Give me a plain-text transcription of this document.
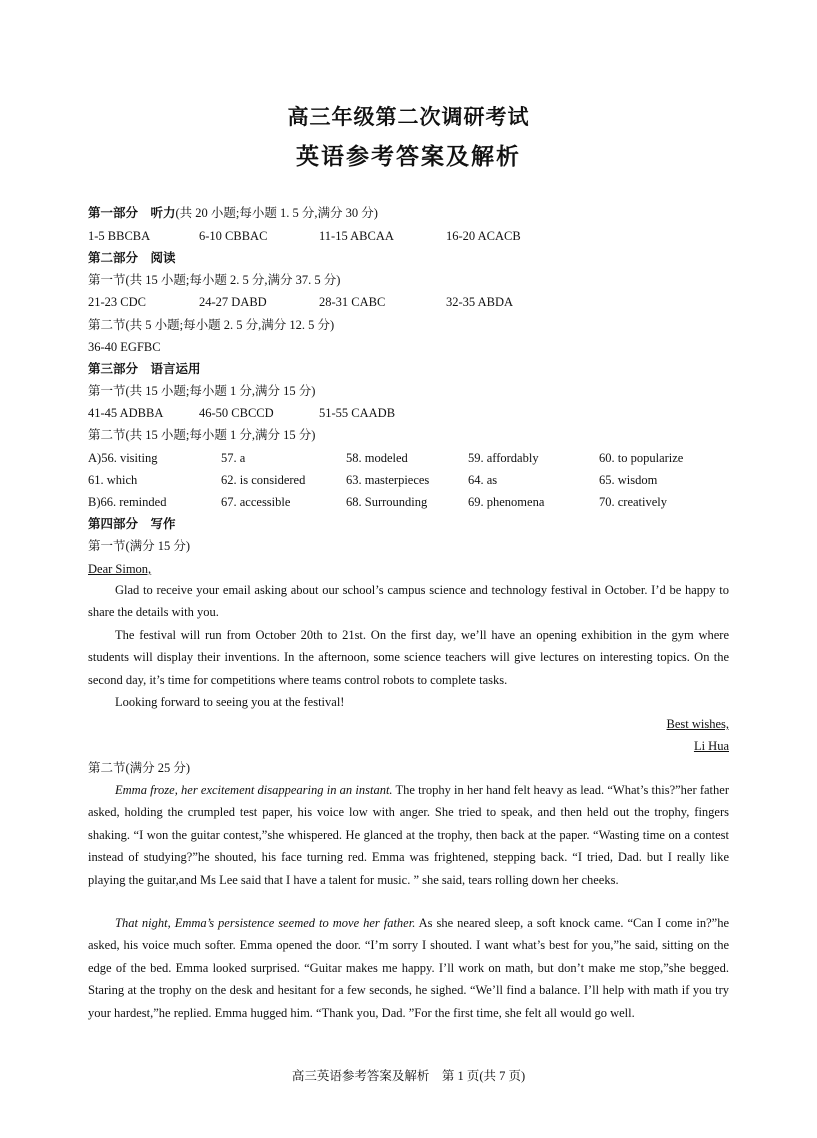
高三年级第二次调研考试
英语参考答案及解析
第一部分　听力(共 20 小题;每小题 1. 5 分,满分 30 分)
1-5 BBCBA	6-10 CBBAC	11-15 ABCAA	16-20 ACACB
第二部分　阅读
第一节(共 15 小题;每小题 2. 5 分,满分 37. 5 分)
21-23 CDC	24-27 DABD	28-31 CABC	32-35 ABDA
第二节(共 5 小题;每小题 2. 5 分,满分 12. 5 分)
36-40 EGFBC
第三部分　语言运用
第一节(共 15 小题;每小题 1 分,满分 15 分)
41-45 ADBBA	46-50 CBCCD	51-55 CAADB
第二节(共 15 小题;每小题 1 分,满分 15 分)
A)56. visiting	57. a	58. modeled	59. affordably	60. to popularize
61. which	62. is considered	63. masterpieces	64. as	65. wisdom
B)66. reminded	67. accessible	68. Surrounding	69. phenomena	70. creatively
第四部分　写作
第一节(满分 15 分)
Dear Simon,

Glad to receive your email asking about our school’s campus science and technology festival in October. I’d be happy to share the details with you.

The festival will run from October 20th to 21st. On the first day, we’ll have an opening exhibition in the gym where students will display their inventions. In the afternoon, some science teachers will give lectures on interesting topics. On the second day, it’s time for competitions where teams control robots to complete tasks.

Looking forward to seeing you at the festival!

Best wishes,
Li Hua
第二节(满分 25 分)

Emma froze, her excitement disappearing in an instant. The trophy in her hand felt heavy as lead. “What’s this?”her father asked, holding the crumpled test paper, his voice low with anger. She tried to speak, and then held out the trophy, fingers shaking. “I won the guitar contest,”she whispered. He glanced at the trophy, then back at the paper. “Wasting time on a contest instead of studying?”he shouted, his face turning red. Emma was frightened, stepping back. “I tried, Dad. but I really like playing the guitar,and Ms Lee said that I have a talent for music. ” she said, tears rolling down her cheeks.

That night, Emma’s persistence seemed to move her father. As she neared sleep, a soft knock came. “Can I come in?”he asked, his voice much softer. Emma opened the door. “I’m sorry I shouted. I want what’s best for you,”he said, sitting on the edge of the bed. Emma looked surprised. “Guitar makes me happy. I’ll work on math, but don’t make me stop,”she begged. Staring at the trophy on the desk and hesitant for a few seconds, he sighed. “We’ll find a balance. I’ll help with math if you try your hardest,”he replied. Emma hugged him. “Thank you, Dad. ”For the first time, she felt all would go well.

高三英语参考答案及解析　第 1 页(共 7 页)
